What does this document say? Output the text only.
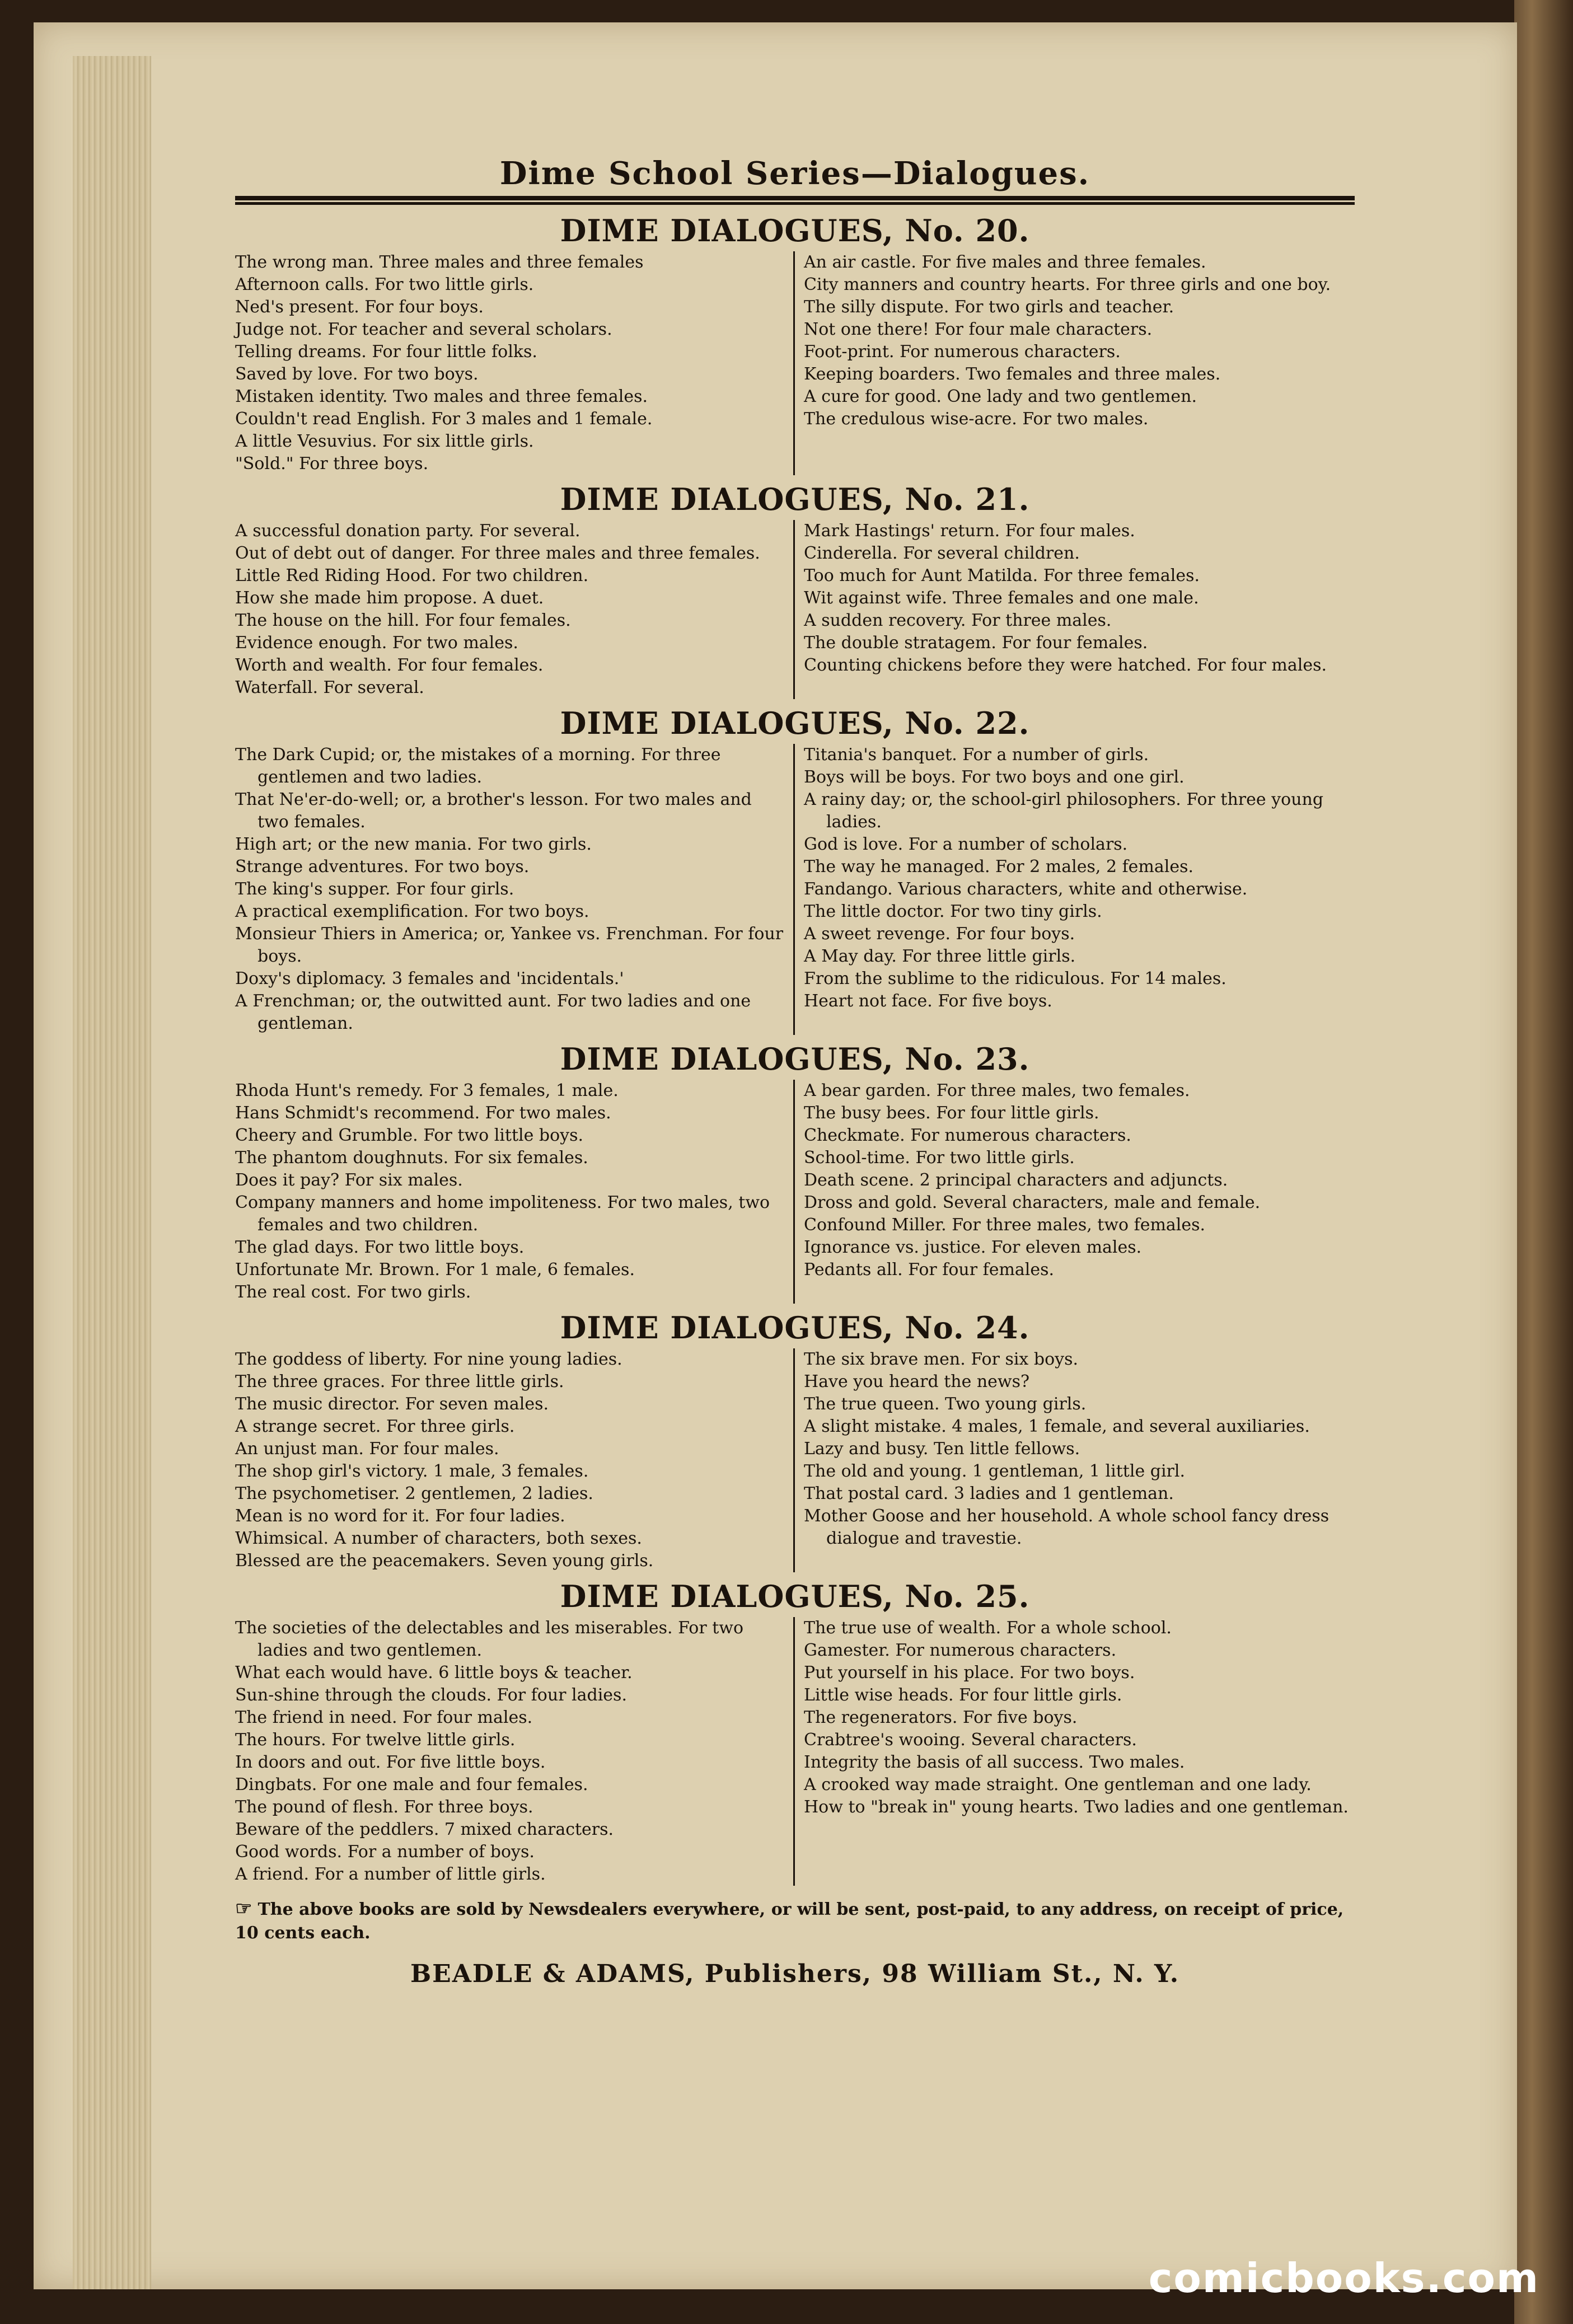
Dime School Series—Dialogues.
DIME DIALOGUES, No. 20.
The wrong man. Three males and three females
Afternoon calls. For two little girls.
Ned's present. For four boys.
Judge not. For teacher and several scholars.
Telling dreams. For four little folks.
Saved by love. For two boys.
Mistaken identity. Two males and three females.
Couldn't read English. For 3 males and 1 female.
A little Vesuvius. For six little girls.
"Sold." For three boys.
An air castle. For five males and three females.
City manners and country hearts. For three girls and one boy.
The silly dispute. For two girls and teacher.
Not one there! For four male characters.
Foot-print. For numerous characters.
Keeping boarders. Two females and three males.
A cure for good. One lady and two gentlemen.
The credulous wise-acre. For two males.
DIME DIALOGUES, No. 21.
A successful donation party. For several.
Out of debt out of danger. For three males and three females.
Little Red Riding Hood. For two children.
How she made him propose. A duet.
The house on the hill. For four females.
Evidence enough. For two males.
Worth and wealth. For four females.
Waterfall. For several.
Mark Hastings' return. For four males.
Cinderella. For several children.
Too much for Aunt Matilda. For three females.
Wit against wife. Three females and one male.
A sudden recovery. For three males.
The double stratagem. For four females.
Counting chickens before they were hatched. For four males.
DIME DIALOGUES, No. 22.
The Dark Cupid; or, the mistakes of a morning. For three gentlemen and two ladies.
That Ne'er-do-well; or, a brother's lesson. For two males and two females.
High art; or the new mania. For two girls.
Strange adventures. For two boys.
The king's supper. For four girls.
A practical exemplification. For two boys.
Monsieur Thiers in America; or, Yankee vs. Frenchman. For four boys.
Doxy's diplomacy. 3 females and 'incidentals.'
A Frenchman; or, the outwitted aunt. For two ladies and one gentleman.
Titania's banquet. For a number of girls.
Boys will be boys. For two boys and one girl.
A rainy day; or, the school-girl philosophers. For three young ladies.
God is love. For a number of scholars.
The way he managed. For 2 males, 2 females.
Fandango. Various characters, white and otherwise.
The little doctor. For two tiny girls.
A sweet revenge. For four boys.
A May day. For three little girls.
From the sublime to the ridiculous. For 14 males.
Heart not face. For five boys.
DIME DIALOGUES, No. 23.
Rhoda Hunt's remedy. For 3 females, 1 male.
Hans Schmidt's recommend. For two males.
Cheery and Grumble. For two little boys.
The phantom doughnuts. For six females.
Does it pay? For six males.
Company manners and home impoliteness. For two males, two females and two children.
The glad days. For two little boys.
Unfortunate Mr. Brown. For 1 male, 6 females.
The real cost. For two girls.
A bear garden. For three males, two females.
The busy bees. For four little girls.
Checkmate. For numerous characters.
School-time. For two little girls.
Death scene. 2 principal characters and adjuncts.
Dross and gold. Several characters, male and female.
Confound Miller. For three males, two females.
Ignorance vs. justice. For eleven males.
Pedants all. For four females.
DIME DIALOGUES, No. 24.
The goddess of liberty. For nine young ladies.
The three graces. For three little girls.
The music director. For seven males.
A strange secret. For three girls.
An unjust man. For four males.
The shop girl's victory. 1 male, 3 females.
The psychometiser. 2 gentlemen, 2 ladies.
Mean is no word for it. For four ladies.
Whimsical. A number of characters, both sexes.
Blessed are the peacemakers. Seven young girls.
The six brave men. For six boys.
Have you heard the news?
The true queen. Two young girls.
A slight mistake. 4 males, 1 female, and several auxiliaries.
Lazy and busy. Ten little fellows.
The old and young. 1 gentleman, 1 little girl.
That postal card. 3 ladies and 1 gentleman.
Mother Goose and her household. A whole school fancy dress dialogue and travestie.
DIME DIALOGUES, No. 25.
The societies of the delectables and les miserables. For two ladies and two gentlemen.
What each would have. 6 little boys & teacher.
Sun-shine through the clouds. For four ladies.
The friend in need. For four males.
The hours. For twelve little girls.
In doors and out. For five little boys.
Dingbats. For one male and four females.
The pound of flesh. For three boys.
Beware of the peddlers. 7 mixed characters.
Good words. For a number of boys.
A friend. For a number of little girls.
The true use of wealth. For a whole school.
Gamester. For numerous characters.
Put yourself in his place. For two boys.
Little wise heads. For four little girls.
The regenerators. For five boys.
Crabtree's wooing. Several characters.
Integrity the basis of all success. Two males.
A crooked way made straight. One gentleman and one lady.
How to "break in" young hearts. Two ladies and one gentleman.
☞ The above books are sold by Newsdealers everywhere, or will be sent, post-paid, to any address, on receipt of price, 10 cents each.
BEADLE & ADAMS, Publishers, 98 William St., N. Y.
comicbooks.com
